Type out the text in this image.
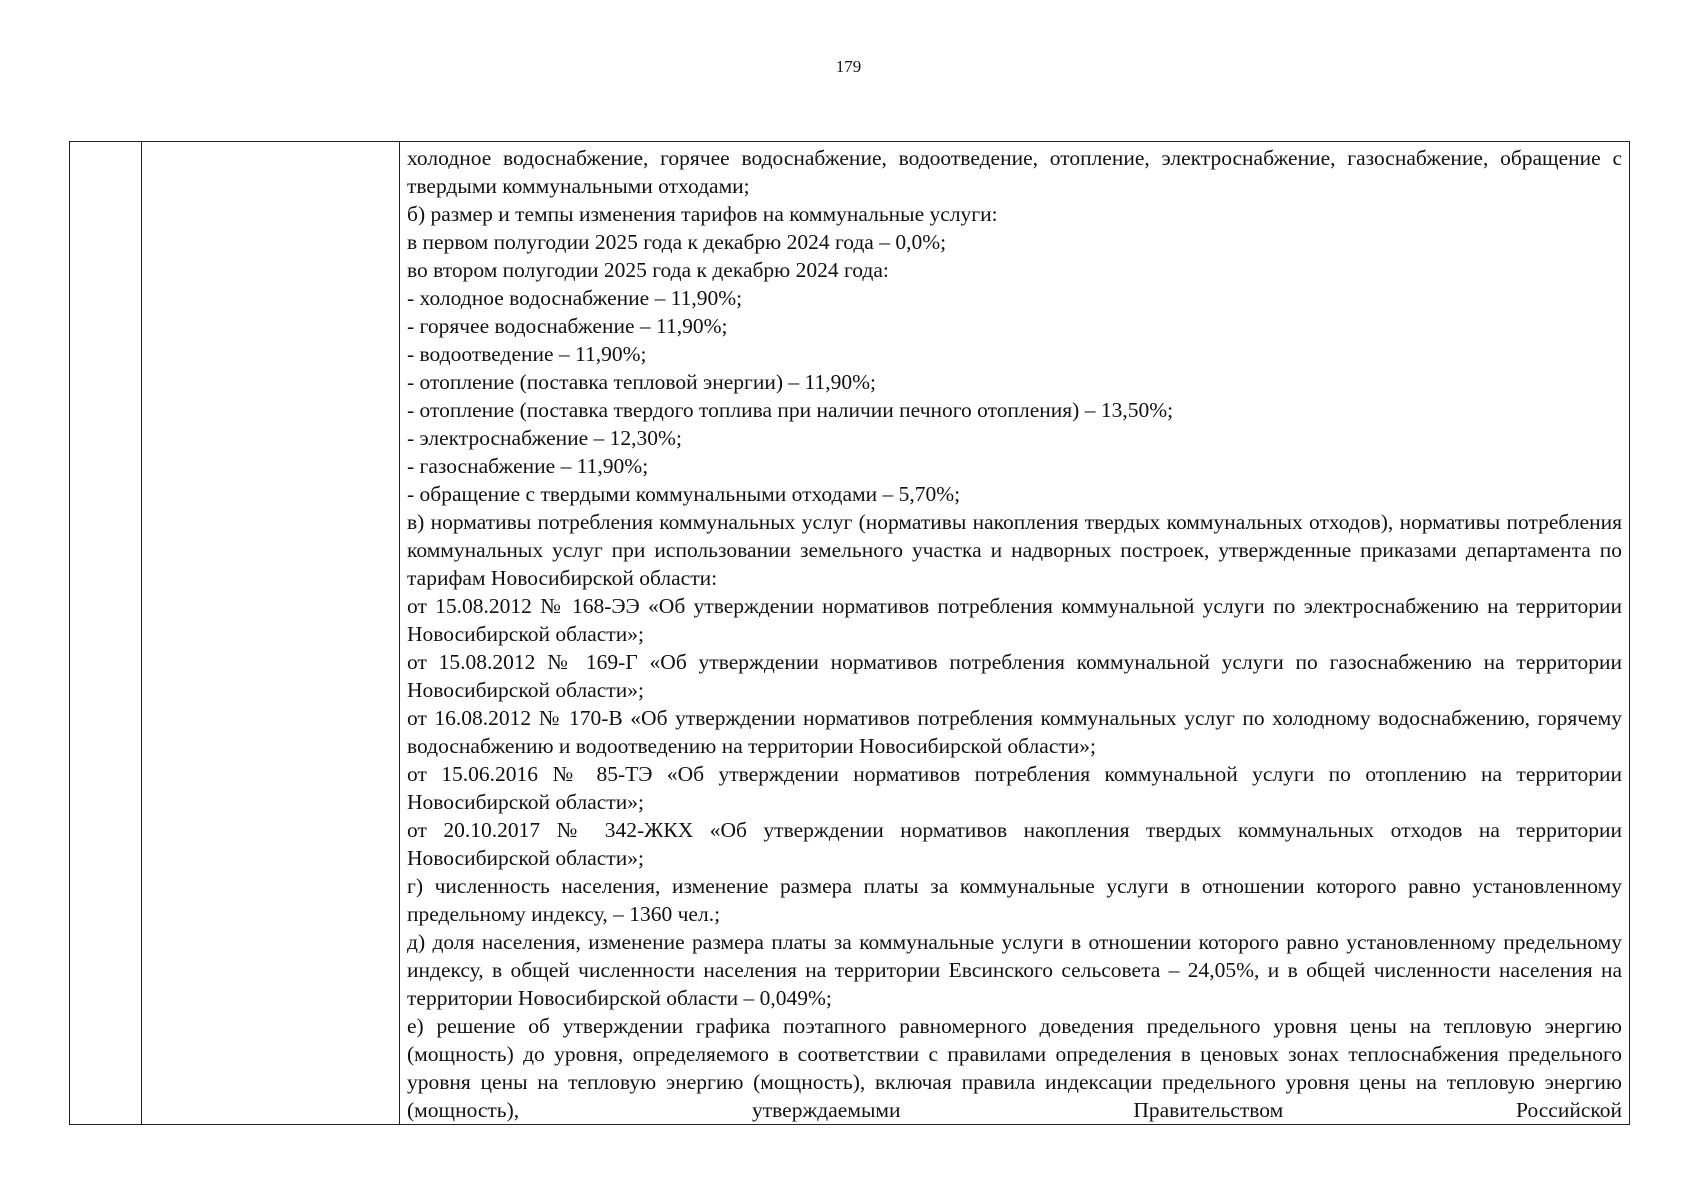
179

холодное водоснабжение, горячее водоснабжение, водоотведение, отопление, электроснабжение, газоснабжение, обращение с твердыми коммунальными отходами;

б) размер и темпы изменения тарифов на коммунальные услуги:

в первом полугодии 2025 года к декабрю 2024 года – 0,0%;

во втором полугодии 2025 года к декабрю 2024 года:

- холодное водоснабжение – 11,90%;

- горячее водоснабжение – 11,90%;

- водоотведение – 11,90%;

- отопление (поставка тепловой энергии) – 11,90%;

- отопление (поставка твердого топлива при наличии печного отопления) – 13,50%;

- электроснабжение – 12,30%;

- газоснабжение – 11,90%;

- обращение с твердыми коммунальными отходами – 5,70%;

в) нормативы потребления коммунальных услуг (нормативы накопления твердых коммунальных отходов), нормативы потребления коммунальных услуг при использовании земельного участка и надворных построек, утвержденные приказами департамента по тарифам Новосибирской области:

от 15.08.2012 № 168-ЭЭ «Об утверждении нормативов потребления коммунальной услуги по электроснабжению на территории Новосибирской области»;

от 15.08.2012 № 169-Г «Об утверждении нормативов потребления коммунальной услуги по газоснабжению на территории Новосибирской области»;

от 16.08.2012 № 170-В «Об утверждении нормативов потребления коммунальных услуг по холодному водоснабжению, горячему водоснабжению и водоотведению на территории Новосибирской области»;

от 15.06.2016 № 85-ТЭ «Об утверждении нормативов потребления коммунальной услуги по отоплению на территории Новосибирской области»;

от 20.10.2017 № 342-ЖКХ «Об утверждении нормативов накопления твердых коммунальных отходов на территории Новосибирской области»;

г) численность населения, изменение размера платы за коммунальные услуги в отношении которого равно установленному предельному индексу, – 1360 чел.;

д) доля населения, изменение размера платы за коммунальные услуги в отношении которого равно установленному предельному индексу, в общей численности населения на территории Евсинского сельсовета – 24,05%, и в общей численности населения на территории Новосибирской области – 0,049%;

е) решение об утверждении графика поэтапного равномерного доведения предельного уровня цены на тепловую энергию (мощность) до уровня, определяемого в соответствии с правилами определения в ценовых зонах теплоснабжения предельного уровня цены на тепловую энергию (мощность), включая правила индексации предельного уровня цены на тепловую энергию (мощность), утверждаемыми Правительством Российской
